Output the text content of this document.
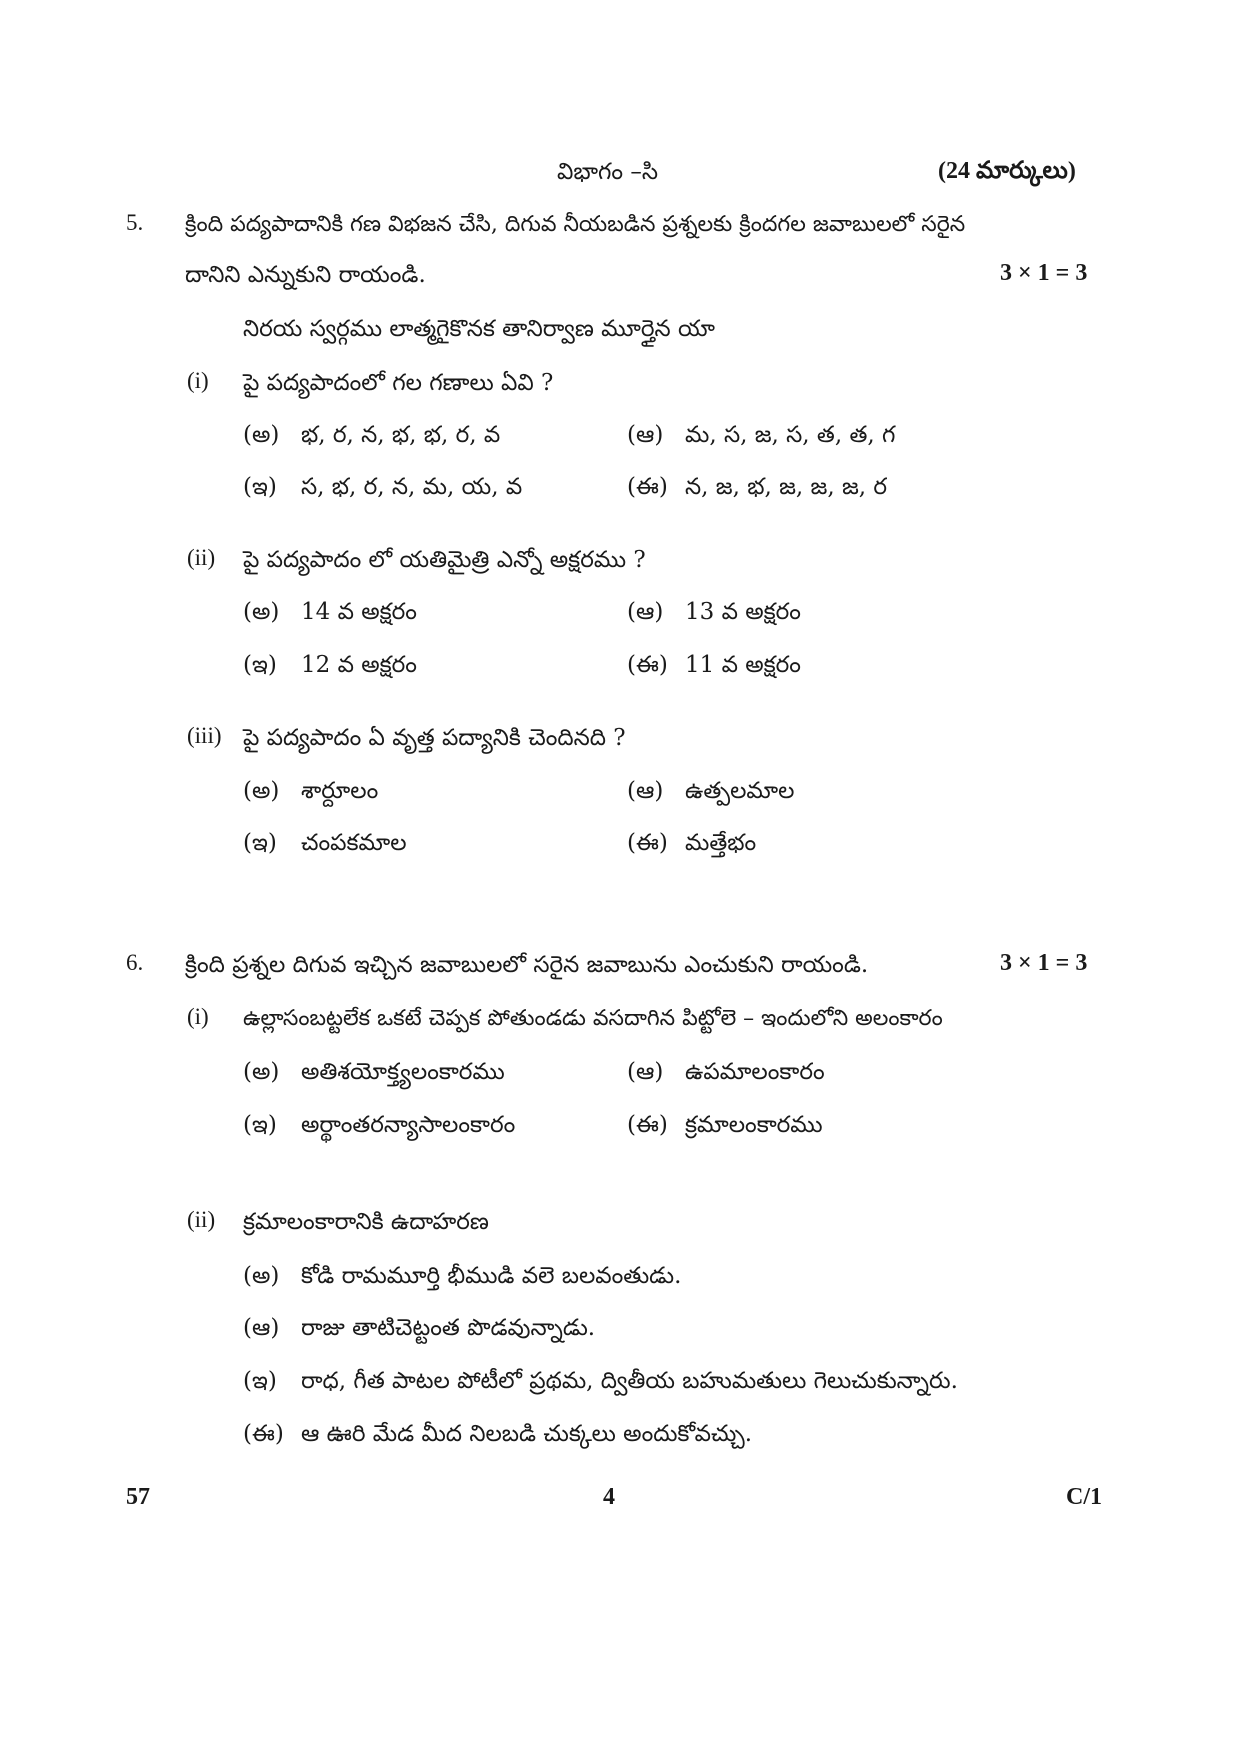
విభాగం –సి	(24 మార్కులు)
5. క్రింది పద్యపాదానికి గణ విభజన చేసి, దిగువ నీయబడిన ప్రశ్నలకు క్రిందగల జవాబులలో సరైన
దానిని ఎన్నుకుని రాయండి.	3 × 1 = 3
నిరయ స్వర్గము లాత్మగైకొనక తానిర్వాణ మూర్తైన యా
(i) పై పద్యపాదంలో గల గణాలు ఏవి ?
(అ) భ, ర, న, భ, భ, ర, వ	(ఆ) మ, స, జ, స, త, త, గ
(ఇ) స, భ, ర, న, మ, య, వ	(ఈ) న, జ, భ, జ, జ, జ, ర
(ii) పై పద్యపాదం లో యతిమైత్రి ఎన్నో అక్షరము ?
(అ) 14 వ అక్షరం	(ఆ) 13 వ అక్షరం
(ఇ) 12 వ అక్షరం	(ఈ) 11 వ అక్షరం
(iii) పై పద్యపాదం ఏ వృత్త పద్యానికి చెందినది ?
(అ) శార్దూలం	(ఆ) ఉత్పలమాల
(ఇ) చంపకమాల	(ఈ) మత్తేభం
6. క్రింది ప్రశ్నల దిగువ ఇచ్చిన జవాబులలో సరైన జవాబును ఎంచుకుని రాయండి.	3 × 1 = 3
(i) ఉల్లాసంబట్టలేక ఒకటే చెప్పక పోతుండడు వసదాగిన పిట్టోలె – ఇందులోని అలంకారం
(అ) అతిశయోక్త్యలంకారము	(ఆ) ఉపమాలంకారం
(ఇ) అర్థాంతరన్యాసాలంకారం	(ఈ) క్రమాలంకారము
(ii) క్రమాలంకారానికి ఉదాహరణ
(అ) కోడి రామమూర్తి భీముడి వలె బలవంతుడు.
(ఆ) రాజు తాటిచెట్టంత పొడవున్నాడు.
(ఇ) రాధ, గీత పాటల పోటీలో ప్రథమ, ద్వితీయ బహుమతులు గెలుచుకున్నారు.
(ఈ) ఆ ఊరి మేడ మీద నిలబడి చుక్కలు అందుకోవచ్చు.
57	4	C/1
